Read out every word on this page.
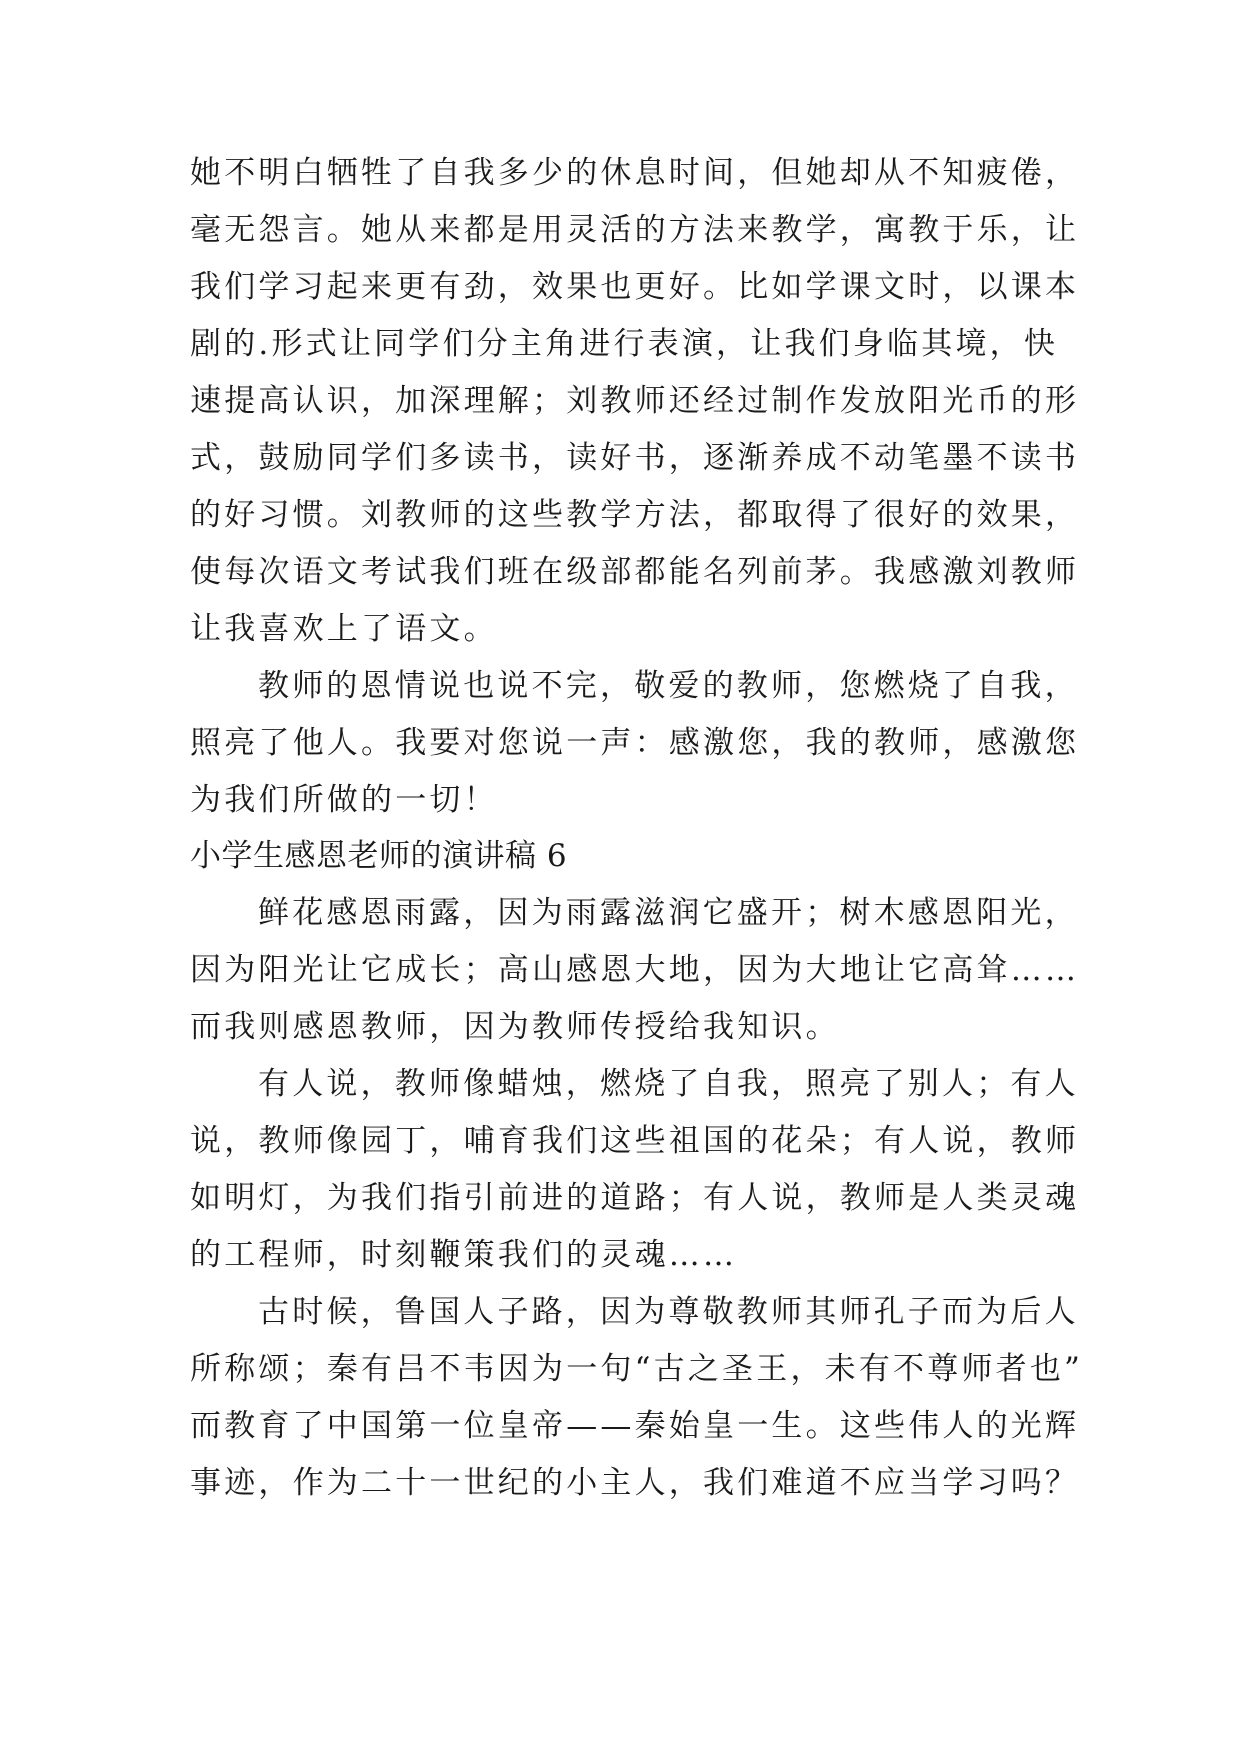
她不明白牺牲了自我多少的休息时间，但她却从不知疲倦，
毫无怨言。她从来都是用灵活的方法来教学，寓教于乐，让
我们学习起来更有劲，效果也更好。比如学课文时，以课本
剧的.形式让同学们分主角进行表演，让我们身临其境，快
速提高认识，加深理解；刘教师还经过制作发放阳光币的形
式，鼓励同学们多读书，读好书，逐渐养成不动笔墨不读书
的好习惯。刘教师的这些教学方法，都取得了很好的效果，
使每次语文考试我们班在级部都能名列前茅。我感激刘教师
让我喜欢上了语文。
教师的恩情说也说不完，敬爱的教师，您燃烧了自我，
照亮了他人。我要对您说一声：感激您，我的教师，感激您
为我们所做的一切！
小学生感恩老师的演讲稿 6
鲜花感恩雨露，因为雨露滋润它盛开；树木感恩阳光，
因为阳光让它成长；高山感恩大地，因为大地让它高耸……
而我则感恩教师，因为教师传授给我知识。
有人说，教师像蜡烛，燃烧了自我，照亮了别人；有人
说，教师像园丁，哺育我们这些祖国的花朵；有人说，教师
如明灯，为我们指引前进的道路；有人说，教师是人类灵魂
的工程师，时刻鞭策我们的灵魂……
古时候，鲁国人子路，因为尊敬教师其师孔子而为后人
所称颂；秦有吕不韦因为一句“古之圣王，未有不尊师者也”
而教育了中国第一位皇帝——秦始皇一生。这些伟人的光辉
事迹，作为二十一世纪的小主人，我们难道不应当学习吗？
